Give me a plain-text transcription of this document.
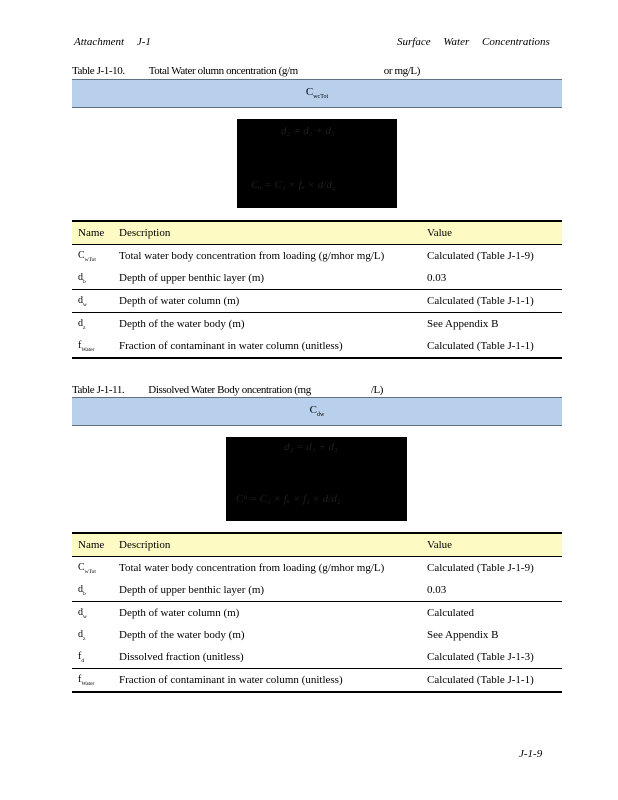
Attachment J-1	Surface Water Concentrations
Table J-1-10. Total Water olumn oncentration (g/m	or mg/L)
$C_{wcTot}$
d₂ = d₁ + d₃
Cᵤ = C₁ × fᵤ × d/d₂
Name	Description	Value
$C_{wTot}$	Total water body concentration from loading (g/mhor mg/L)	Calculated (Table J-1-9)
$d_b$	Depth of upper benthic layer (m)	0.03
$d_w$	Depth of water column (m)	Calculated (Table J-1-1)
$d_z$	Depth of the water body (m)	See Appendix B
$f_{Water}$	Fraction of contaminant in water column (unitless)	Calculated (Table J-1-1)
Table J-1-11. Dissolved Water Body oncentration (mg	/L)
$C_{dw}$
d₂ = d₁ + d₃
Cᵈ = C₁ × fᵤ × f₁ × d/d₂
Name	Description	Value
$C_{wTot}$	Total water body concentration from loading (g/mhor mg/L)	Calculated (Table J-1-9)
$d_b$	Depth of upper benthic layer (m)	0.03
$d_w$	Depth of water column (m)	Calculated
$d_z$	Depth of the water body (m)	See Appendix B
$f_d$	Dissolved fraction (unitless)	Calculated (Table J-1-3)
$f_{Water}$	Fraction of contaminant in water column (unitless)	Calculated (Table J-1-1)
J-1-9
